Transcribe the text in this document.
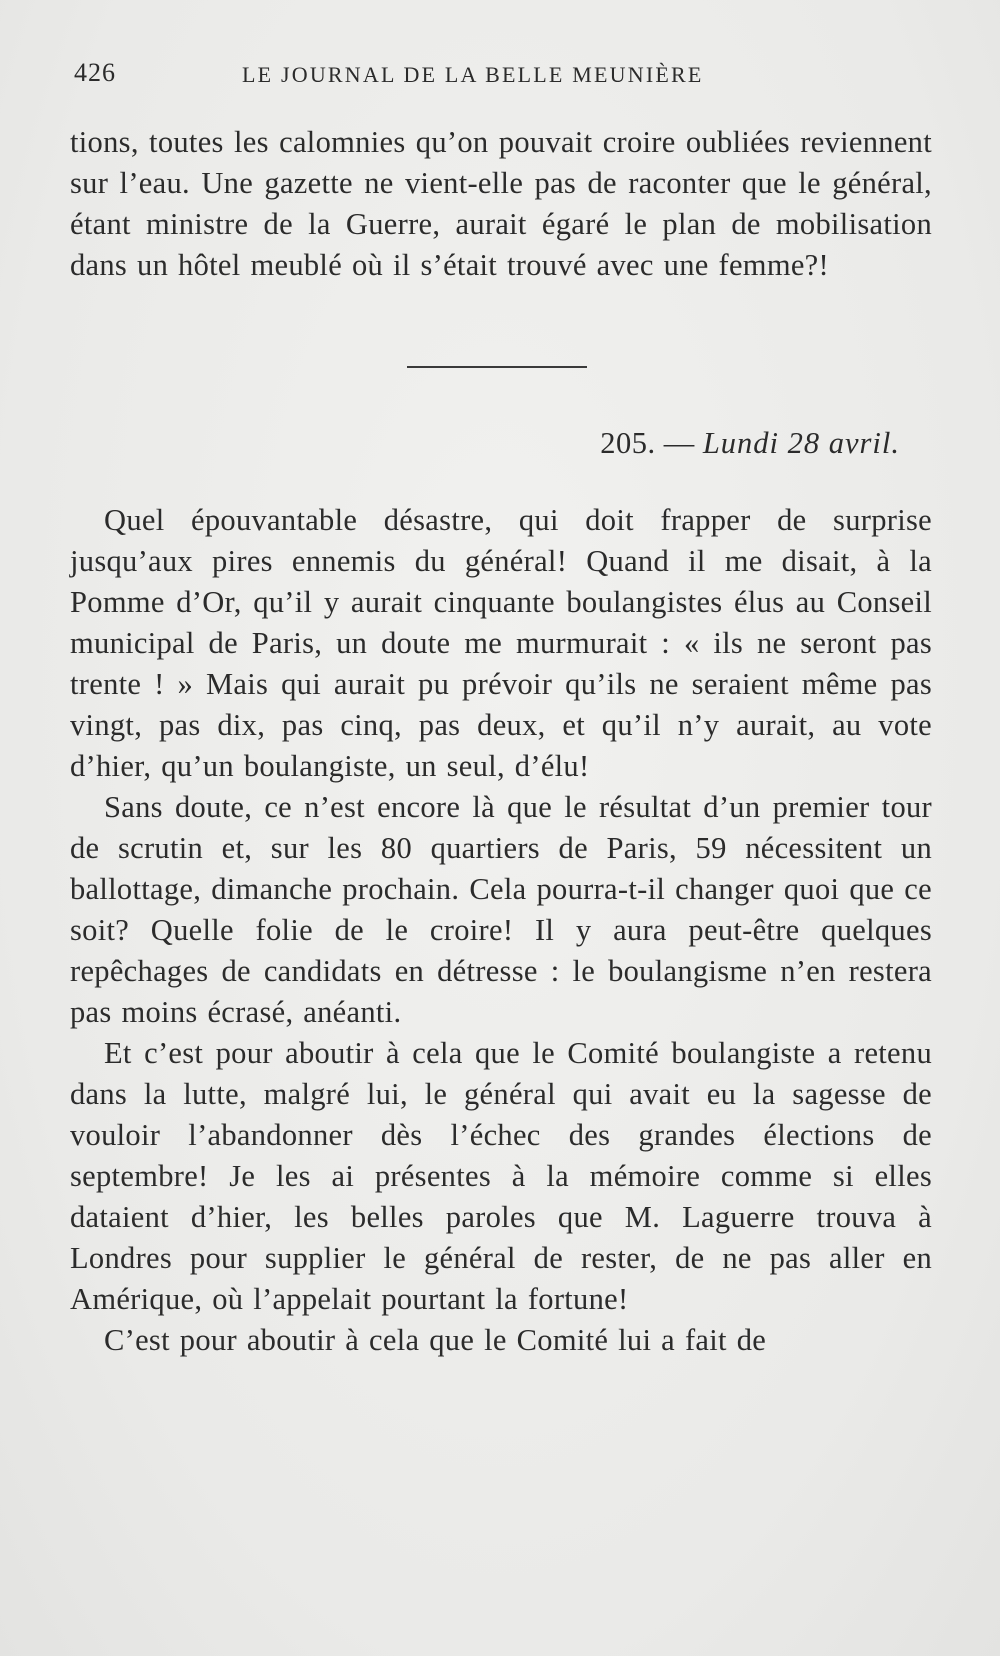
426	LE JOURNAL DE LA BELLE MEUNIÈRE

tions, toutes les calomnies qu’on pouvait croire oubliées reviennent sur l’eau. Une gazette ne vient-elle pas de raconter que le général, étant ministre de la Guerre, aurait égaré le plan de mobilisation dans un hôtel meublé où il s’était trouvé avec une femme?!

205. — Lundi 28 avril.

Quel épouvantable désastre, qui doit frapper de surprise jusqu’aux pires ennemis du général! Quand il me disait, à la Pomme d’Or, qu’il y aurait cinquante boulangistes élus au Conseil municipal de Paris, un doute me murmurait : « ils ne seront pas trente ! » Mais qui aurait pu prévoir qu’ils ne seraient même pas vingt, pas dix, pas cinq, pas deux, et qu’il n’y aurait, au vote d’hier, qu’un boulangiste, un seul, d’élu!

Sans doute, ce n’est encore là que le résultat d’un premier tour de scrutin et, sur les 80 quartiers de Paris, 59 nécessitent un ballottage, dimanche prochain. Cela pourra-t-il changer quoi que ce soit? Quelle folie de le croire! Il y aura peut-être quelques repêchages de candidats en détresse : le boulangisme n’en restera pas moins écrasé, anéanti.

Et c’est pour aboutir à cela que le Comité boulangiste a retenu dans la lutte, malgré lui, le général qui avait eu la sagesse de vouloir l’abandonner dès l’échec des grandes élections de septembre! Je les ai présentes à la mémoire comme si elles dataient d’hier, les belles paroles que M. Laguerre trouva à Londres pour supplier le général de rester, de ne pas aller en Amérique, où l’appelait pourtant la fortune!

C’est pour aboutir à cela que le Comité lui a fait de
